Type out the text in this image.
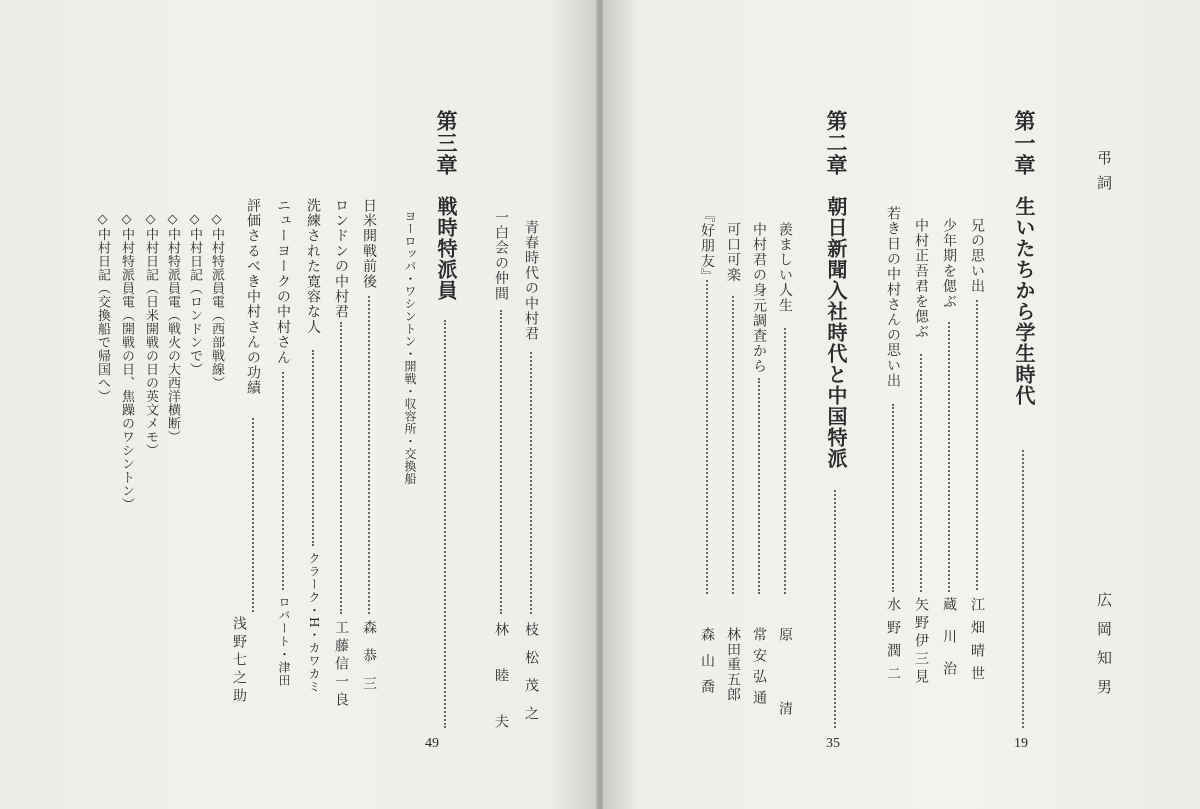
弔詞
広岡知男
第一章
生いたちから学生時代
19
兄の思い出
江畑晴世
少年期を偲ぶ
蔵川治
中村正吾君を偲ぶ
矢野伊三見
若き日の中村さんの思い出
水野潤二
第二章
朝日新聞入社時代と中国特派
35
羨ましい人生
原清
中村君の身元調査から
常安弘通
可口可楽
林田重五郎
『好朋友』
森山喬
青春時代の中村君
枝松茂之
一白会の仲間
林睦夫
第三章
戦時特派員
49
ヨーロッパ・ワシントン・開戦・収容所・交換船
日米開戦前後
森恭三
ロンドンの中村君
工藤信一良
洗練された寛容な人
クラーク・H・カワカミ
ニューヨークの中村さん
ロバート・津田
評価さるべき中村さんの功績
浅野七之助
◇中村特派員電（西部戦線）
◇中村日記（ロンドンで）
◇中村特派員電（戦火の大西洋横断）
◇中村日記（日米開戦の日の英文メモ）
◇中村特派員電（開戦の日、焦躁のワシントン）
◇中村日記（交換船で帰国へ）
